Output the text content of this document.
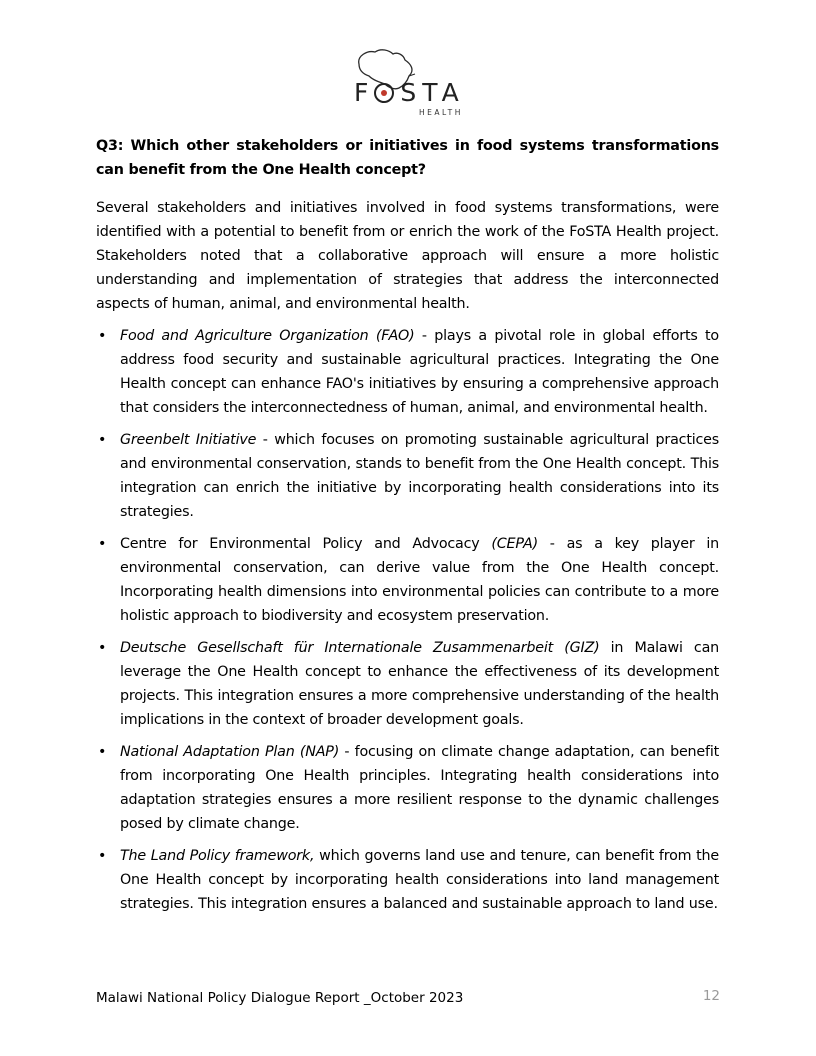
F STA
HEALTH

Q3: Which other stakeholders or initiatives in food systems transformations can benefit from the One Health concept?

Several stakeholders and initiatives involved in food systems transformations, were identified with a potential to benefit from or enrich the work of the FoSTA Health project. Stakeholders noted that a collaborative approach will ensure a more holistic understanding and implementation of strategies that address the interconnected aspects of human, animal, and environmental health.

• Food and Agriculture Organization (FAO) - plays a pivotal role in global efforts to address food security and sustainable agricultural practices. Integrating the One Health concept can enhance FAO's initiatives by ensuring a comprehensive approach that considers the interconnectedness of human, animal, and environmental health.
• Greenbelt Initiative - which focuses on promoting sustainable agricultural practices and environmental conservation, stands to benefit from the One Health concept. This integration can enrich the initiative by incorporating health considerations into its strategies.
• Centre for Environmental Policy and Advocacy (CEPA) - as a key player in environmental conservation, can derive value from the One Health concept. Incorporating health dimensions into environmental policies can contribute to a more holistic approach to biodiversity and ecosystem preservation.
• Deutsche Gesellschaft für Internationale Zusammenarbeit (GIZ) in Malawi can leverage the One Health concept to enhance the effectiveness of its development projects. This integration ensures a more comprehensive understanding of the health implications in the context of broader development goals.
• National Adaptation Plan (NAP) - focusing on climate change adaptation, can benefit from incorporating One Health principles. Integrating health considerations into adaptation strategies ensures a more resilient response to the dynamic challenges posed by climate change.
• The Land Policy framework, which governs land use and tenure, can benefit from the One Health concept by incorporating health considerations into land management strategies. This integration ensures a balanced and sustainable approach to land use.
Malawi National Policy Dialogue Report _October 2023	12
